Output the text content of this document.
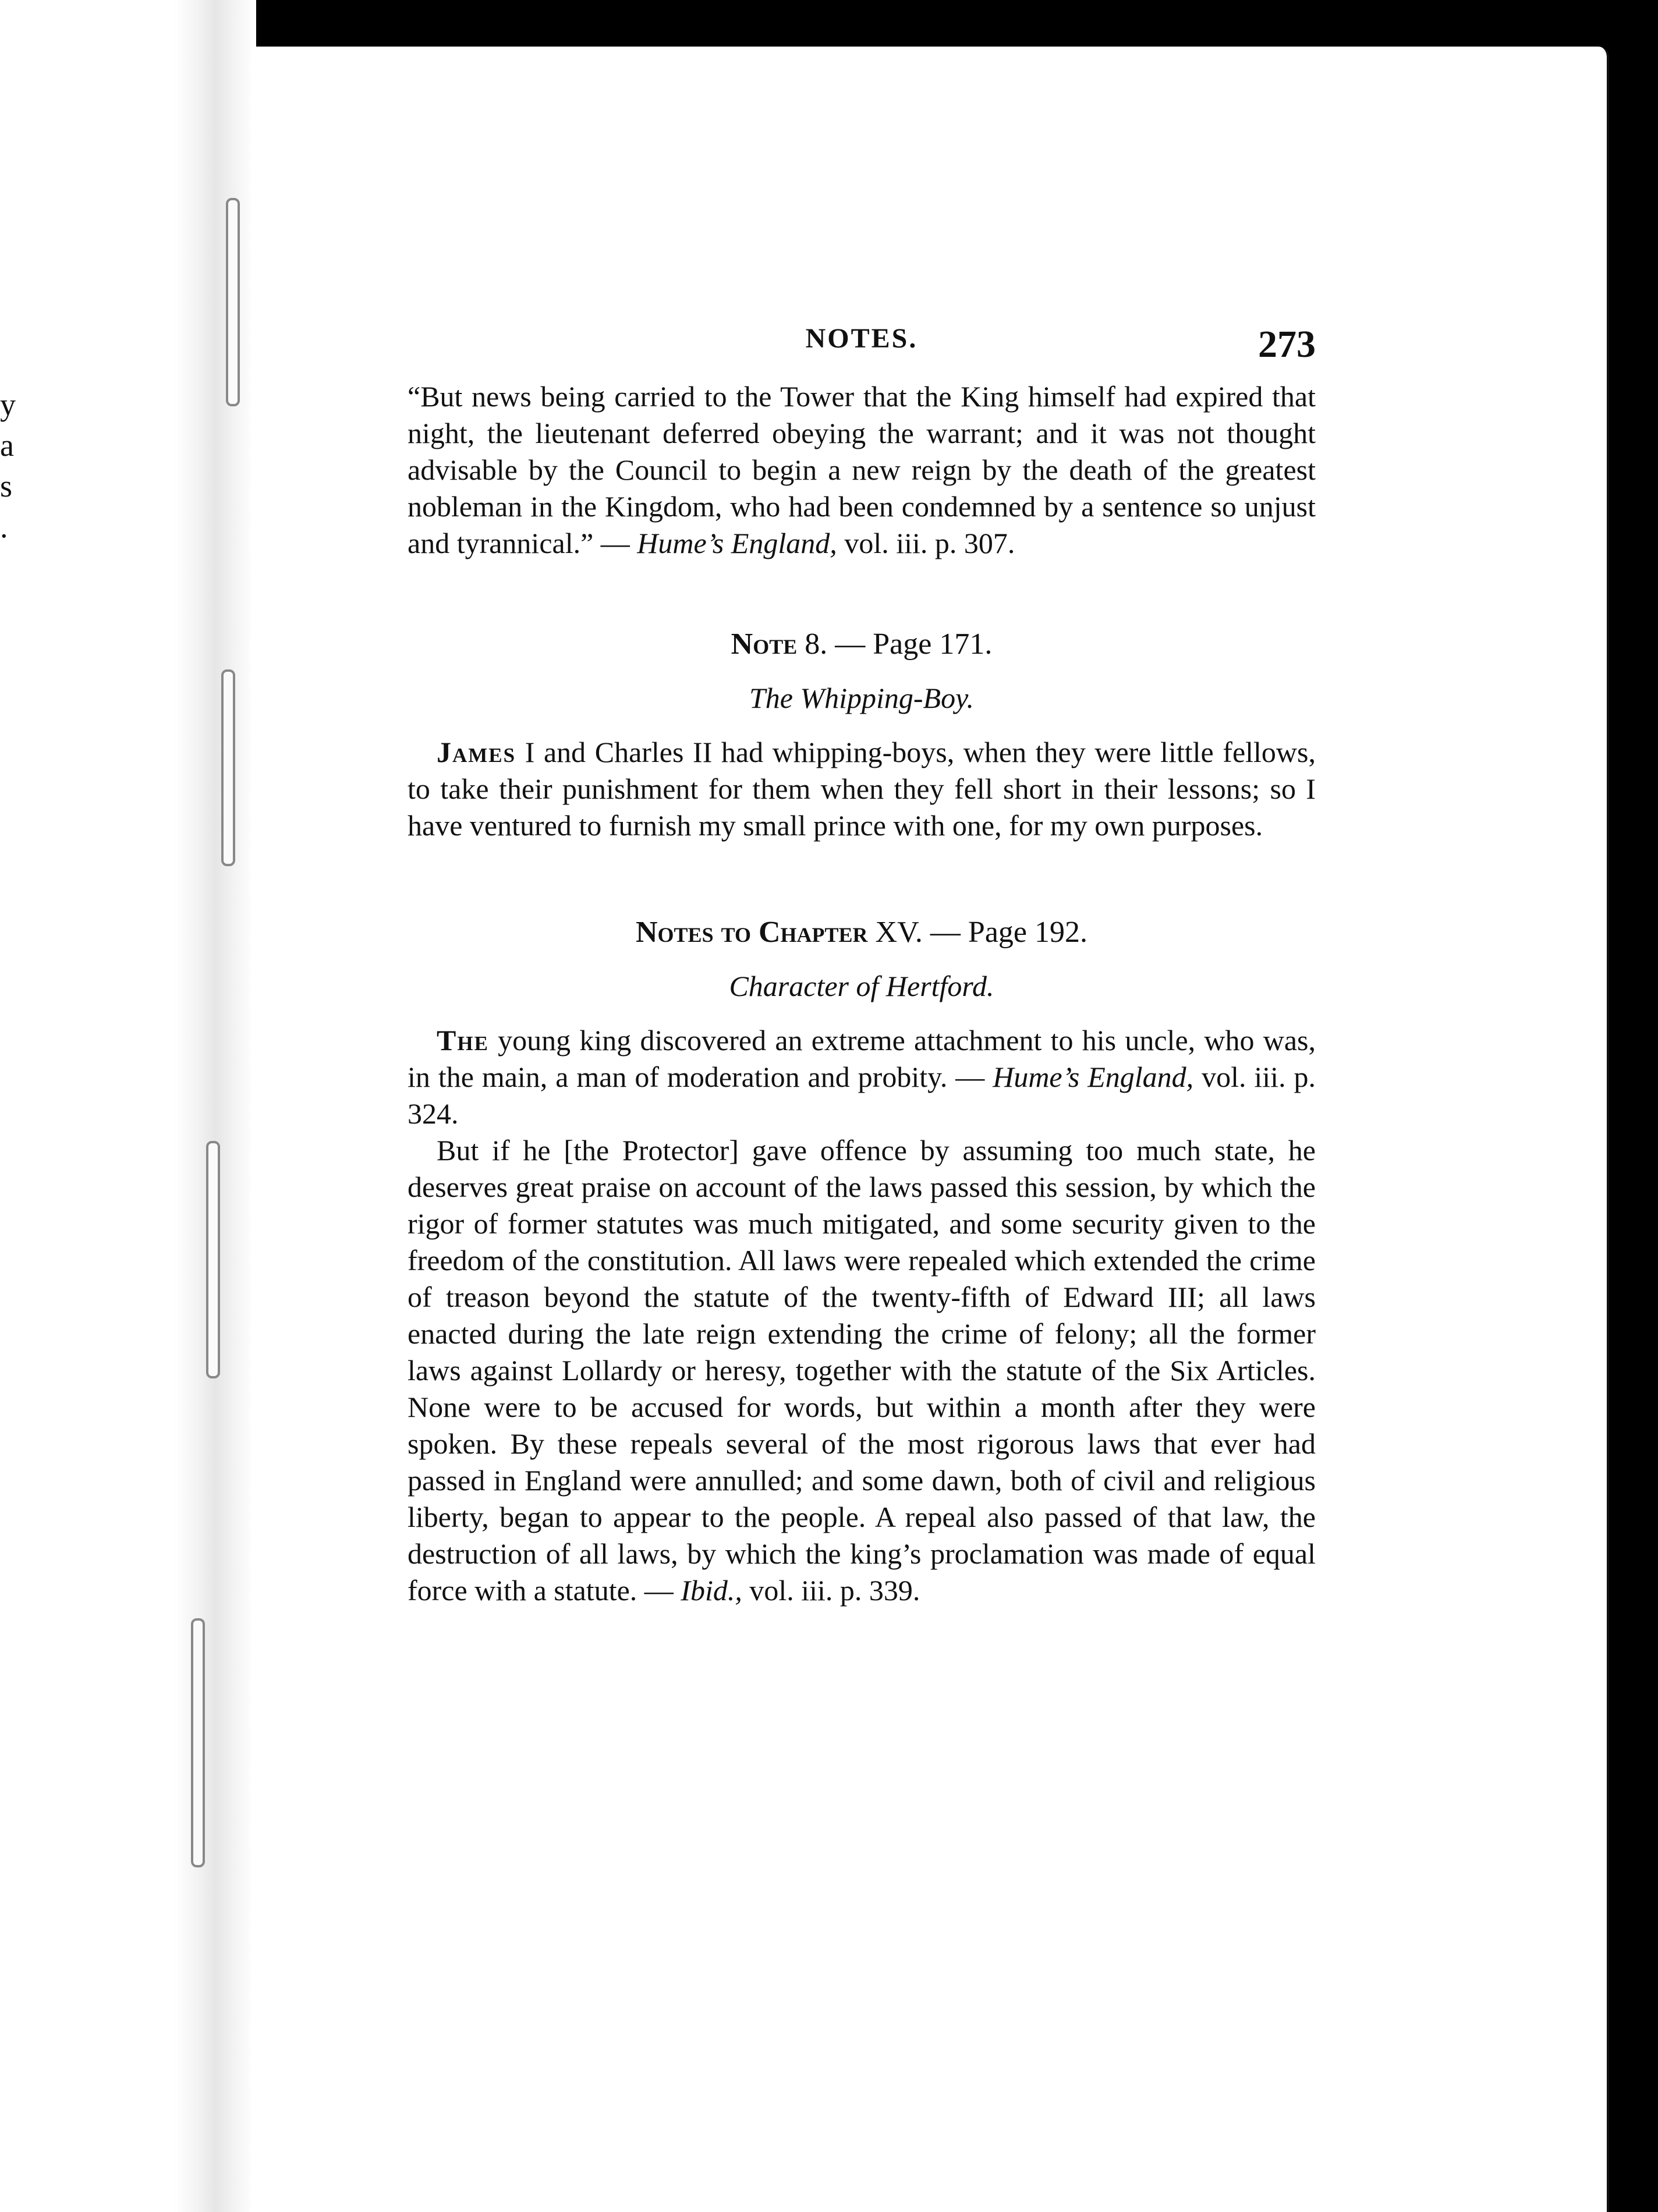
y
a
s
.
NOTES.	273

“But news being carried to the Tower that the King himself had expired that night, the lieutenant deferred obeying the warrant; and it was not thought advisable by the Council to begin a new reign by the death of the greatest nobleman in the Kingdom, who had been condemned by a sentence so unjust and tyrannical.” — Hume’s England, vol. iii. p. 307.

Note 8. — Page 171.

The Whipping-Boy.

James I and Charles II had whipping-boys, when they were little fellows, to take their punishment for them when they fell short in their lessons; so I have ventured to furnish my small prince with one, for my own purposes.

Notes to Chapter XV. — Page 192.

Character of Hertford.

The young king discovered an extreme attachment to his uncle, who was, in the main, a man of moderation and probity. — Hume’s England, vol. iii. p. 324.

But if he [the Protector] gave offence by assuming too much state, he deserves great praise on account of the laws passed this session, by which the rigor of former statutes was much mitigated, and some security given to the freedom of the constitution. All laws were repealed which extended the crime of treason beyond the statute of the twenty-fifth of Edward III; all laws enacted during the late reign extending the crime of felony; all the former laws against Lollardy or heresy, together with the statute of the Six Articles. None were to be accused for words, but within a month after they were spoken. By these repeals several of the most rigorous laws that ever had passed in England were annulled; and some dawn, both of civil and religious liberty, began to appear to the people. A repeal also passed of that law, the destruction of all laws, by which the king’s proclamation was made of equal force with a statute. — Ibid., vol. iii. p. 339.
